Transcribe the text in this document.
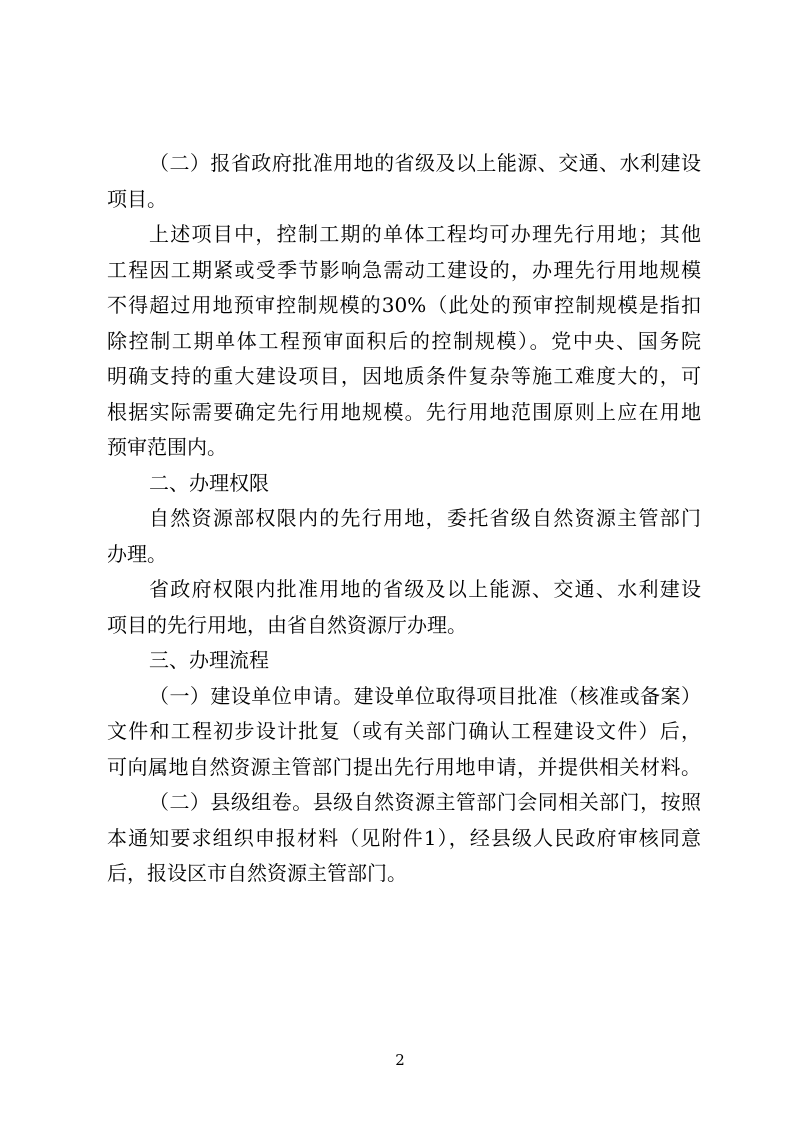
（二）报省政府批准用地的省级及以上能源、交通、水利建设
项目。
上述项目中，控制工期的单体工程均可办理先行用地；其他
工程因工期紧或受季节影响急需动工建设的，办理先行用地规模
不得超过用地预审控制规模的30%（此处的预审控制规模是指扣
除控制工期单体工程预审面积后的控制规模）。党中央、国务院
明确支持的重大建设项目，因地质条件复杂等施工难度大的，可
根据实际需要确定先行用地规模。先行用地范围原则上应在用地
预审范围内。
二、办理权限
自然资源部权限内的先行用地，委托省级自然资源主管部门
办理。
省政府权限内批准用地的省级及以上能源、交通、水利建设
项目的先行用地，由省自然资源厅办理。
三、办理流程
（一）建设单位申请。建设单位取得项目批准（核准或备案）
文件和工程初步设计批复（或有关部门确认工程建设文件）后，
可向属地自然资源主管部门提出先行用地申请，并提供相关材料。
（二）县级组卷。县级自然资源主管部门会同相关部门，按照
本通知要求组织申报材料（见附件1），经县级人民政府审核同意
后，报设区市自然资源主管部门。
2
